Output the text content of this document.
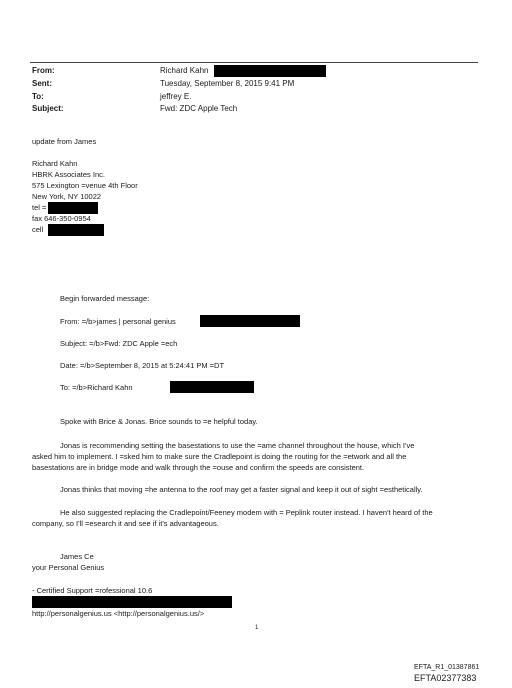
From:
Sent:
To:
Subject:
Richard Kahn
Tuesday, September 8, 2015 9:41 PM
jeffrey E.
Fwd: ZDC Apple Tech
update from James
Richard Kahn
HBRK Associates Inc.
575 Lexington =venue 4th Floor
New York, NY 10022
tel =
fax 646-350-0954
cell
Begin forwarded message:
From: =/b>james | personal genius
Subject: =/b>Fwd: ZDC Apple =ech
Date: =/b>September 8, 2015 at 5:24:41 PM =DT
To: =/b>Richard Kahn
Spoke with Brice & Jonas. Brice sounds to =e helpful today.
Jonas is recommending setting the basestations to use the =ame channel throughout the house, which I've
asked him to implement. I =sked him to make sure the Cradlepoint is doing the routing for the =etwork and all the
basestations are in bridge mode and walk through the =ouse and confirm the speeds are consistent.
Jonas thinks that moving =he antenna to the roof may get a faster signal and keep it out of sight =esthetically.
He also suggested replacing the Cradlepoint/Feeney modem with = Peplink router instead. I haven't heard of the
company, so I'll =esearch it and see if it's advantageous.
James Ce
your Personal Genius
- Certified Support =rofessional 10.6
http://personalgenius.us <http://personalgenius.us/>
1
EFTA_R1_01387861
EFTA02377383
